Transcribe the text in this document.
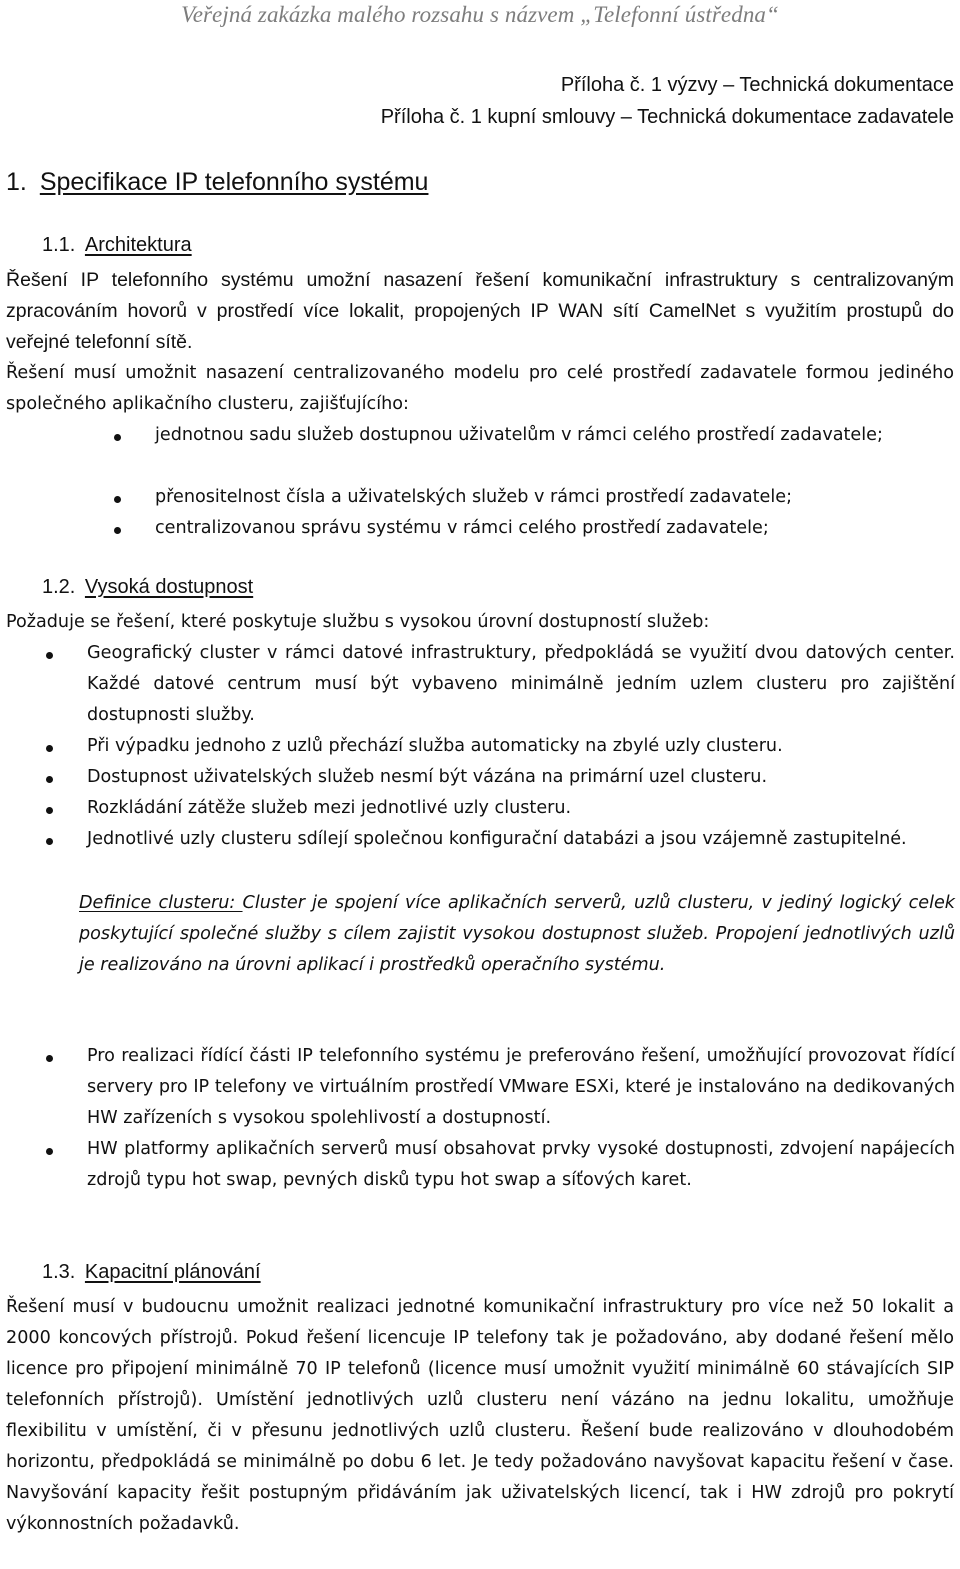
Veřejná zakázka malého rozsahu s názvem „Telefonní ústředna“
Příloha č. 1 výzvy – Technická dokumentace
Příloha č. 1 kupní smlouvy – Technická dokumentace zadavatele
1. Specifikace IP telefonního systému
1.1. Architektura
Řešení IP telefonního systému umožní nasazení řešení komunikační infrastruktury s centralizovaným zpracováním hovorů v prostředí více lokalit, propojených IP WAN sítí CamelNet s využitím prostupů do veřejné telefonní sítě.
Řešení musí umožnit nasazení centralizovaného modelu pro celé prostředí zadavatele formou jediného společného aplikačního clusteru, zajišťujícího:
jednotnou sadu služeb dostupnou uživatelům v rámci celého prostředí zadavatele;
přenositelnost čísla a uživatelských služeb v rámci prostředí zadavatele;
centralizovanou správu systému v rámci celého prostředí zadavatele;
1.2. Vysoká dostupnost
Požaduje se řešení, které poskytuje službu s vysokou úrovní dostupností služeb:
Geografický cluster v rámci datové infrastruktury, předpokládá se využití dvou datových center. Každé datové centrum musí být vybaveno minimálně jedním uzlem clusteru pro zajištění dostupnosti služby.
Při výpadku jednoho z uzlů přechází služba automaticky na zbylé uzly clusteru.
Dostupnost uživatelských služeb nesmí být vázána na primární uzel clusteru.
Rozkládání zátěže služeb mezi jednotlivé uzly clusteru.
Jednotlivé uzly clusteru sdílejí společnou konfigurační databázi a jsou vzájemně zastupitelné.
Definice clusteru: Cluster je spojení více aplikačních serverů, uzlů clusteru, v jediný logický celek poskytující společné služby s cílem zajistit vysokou dostupnost služeb. Propojení jednotlivých uzlů je realizováno na úrovni aplikací i prostředků operačního systému.
Pro realizaci řídící části IP telefonního systému je preferováno řešení, umožňující provozovat řídící servery pro IP telefony ve virtuálním prostředí VMware ESXi, které je instalováno na dedikovaných HW zařízeních s vysokou spolehlivostí a dostupností.
HW platformy aplikačních serverů musí obsahovat prvky vysoké dostupnosti, zdvojení napájecích zdrojů typu hot swap, pevných disků typu hot swap a síťových karet.
1.3. Kapacitní plánování
Řešení musí v budoucnu umožnit realizaci jednotné komunikační infrastruktury pro více než 50 lokalit a 2000 koncových přístrojů. Pokud řešení licencuje IP telefony tak je požadováno, aby dodané řešení mělo licence pro připojení minimálně 70 IP telefonů (licence musí umožnit využití minimálně 60 stávajících SIP telefonních přístrojů). Umístění jednotlivých uzlů clusteru není vázáno na jednu lokalitu, umožňuje flexibilitu v umístění, či v přesunu jednotlivých uzlů clusteru. Řešení bude realizováno v dlouhodobém horizontu, předpokládá se minimálně po dobu 6 let. Je tedy požadováno navyšovat kapacitu řešení v čase. Navyšování kapacity řešit postupným přidáváním jak uživatelských licencí, tak i HW zdrojů pro pokrytí výkonnostních požadavků.
